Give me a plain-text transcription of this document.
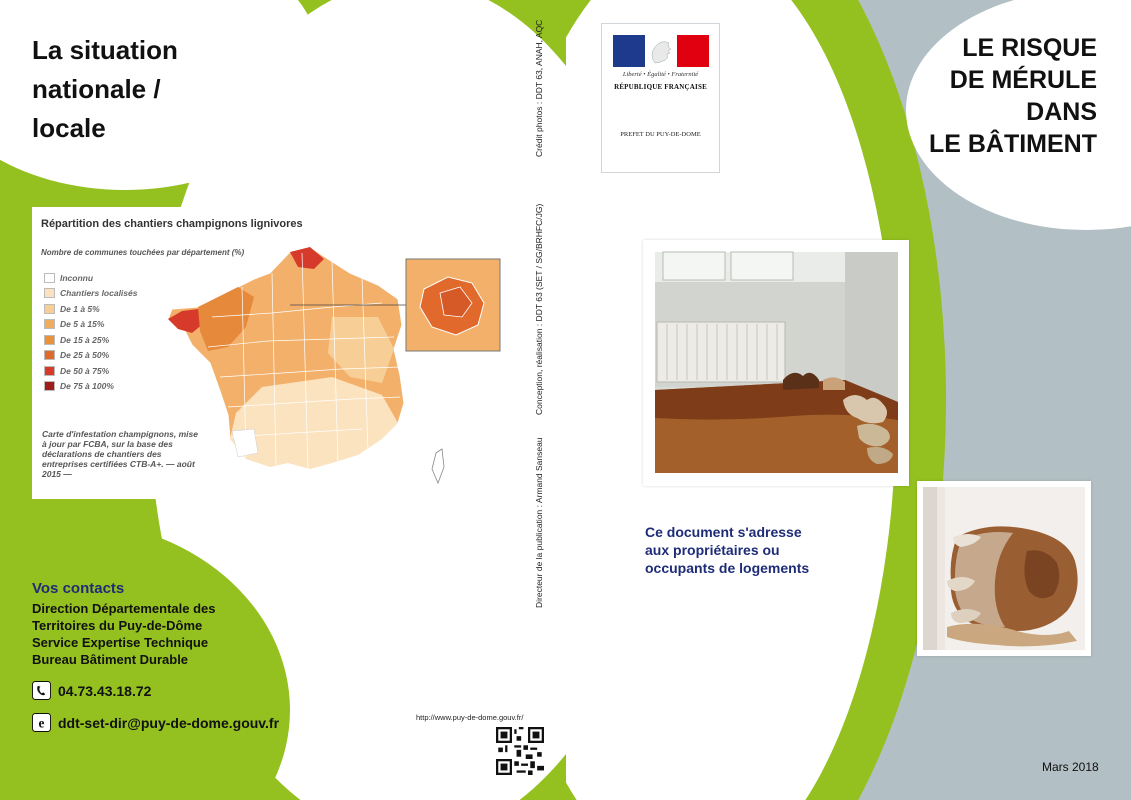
La situation nationale / locale
Répartition des chantiers champignons lignivores
Nombre de communes touchées par département (%)
Inconnu
Chantiers localisés
De 1 à 5%
De 5 à 15%
De 15 à 25%
De 25 à 50%
De 50 à 75%
De 75 à 100%
Carte d'infestation champignons, mise à jour par FCBA, sur la base des déclarations de chantiers des entreprises certifiées CTB-A+. — août 2015 —
Crédit photos : DDT 63, ANAH, AQC
Conception, réalisation : DDT 63 (SET / SG/BRHFC/JG)
Directeur de la publication : Armand Sanseau
Vos contacts
Direction Départementale des
Territoires du Puy-de-Dôme
Service Expertise Technique
Bureau Bâtiment Durable
04.73.43.18.72
e ddt-set-dir@puy-de-dome.gouv.fr	http://www.puy-de-dome.gouv.fr/
LE RISQUE
DE MÉRULE
DANS
LE BÂTIMENT
Liberté • Égalité • Fraternité
RÉPUBLIQUE FRANÇAISE
PREFET DU PUY-DE-DOME
Ce document s'adresse
aux propriétaires ou
occupants de logements
Mars 2018
